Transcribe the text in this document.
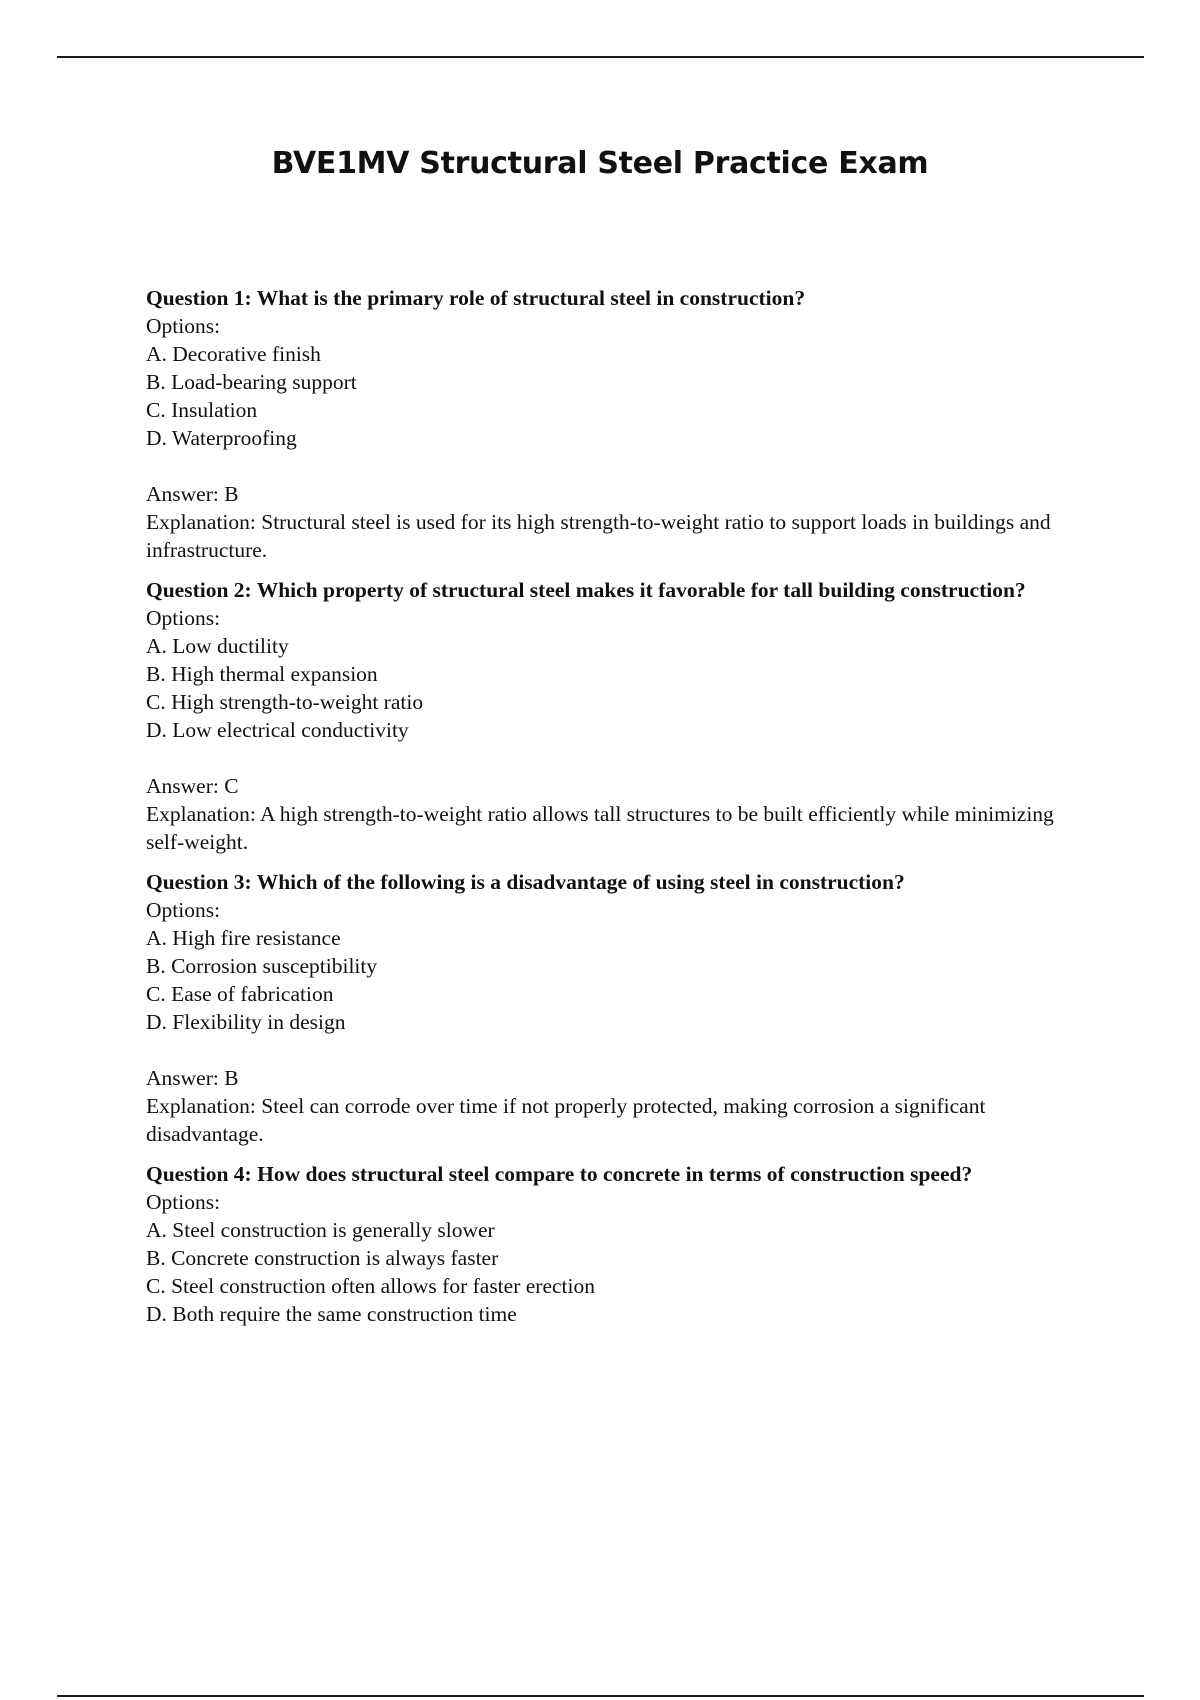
BVE1MV Structural Steel Practice Exam

Question 1: What is the primary role of structural steel in construction?

Options:

A. Decorative finish
B. Load-bearing support
C. Insulation
D. Waterproofing

Answer: B

Explanation: Structural steel is used for its high strength-to-weight ratio to support loads in buildings and infrastructure.

Question 2: Which property of structural steel makes it favorable for tall building construction?

Options:

A. Low ductility
B. High thermal expansion
C. High strength-to-weight ratio
D. Low electrical conductivity

Answer: C

Explanation: A high strength-to-weight ratio allows tall structures to be built efficiently while minimizing self-weight.

Question 3: Which of the following is a disadvantage of using steel in construction?

Options:

A. High fire resistance
B. Corrosion susceptibility
C. Ease of fabrication
D. Flexibility in design

Answer: B

Explanation: Steel can corrode over time if not properly protected, making corrosion a significant disadvantage.

Question 4: How does structural steel compare to concrete in terms of construction speed?

Options:

A. Steel construction is generally slower
B. Concrete construction is always faster
C. Steel construction often allows for faster erection
D. Both require the same construction time
